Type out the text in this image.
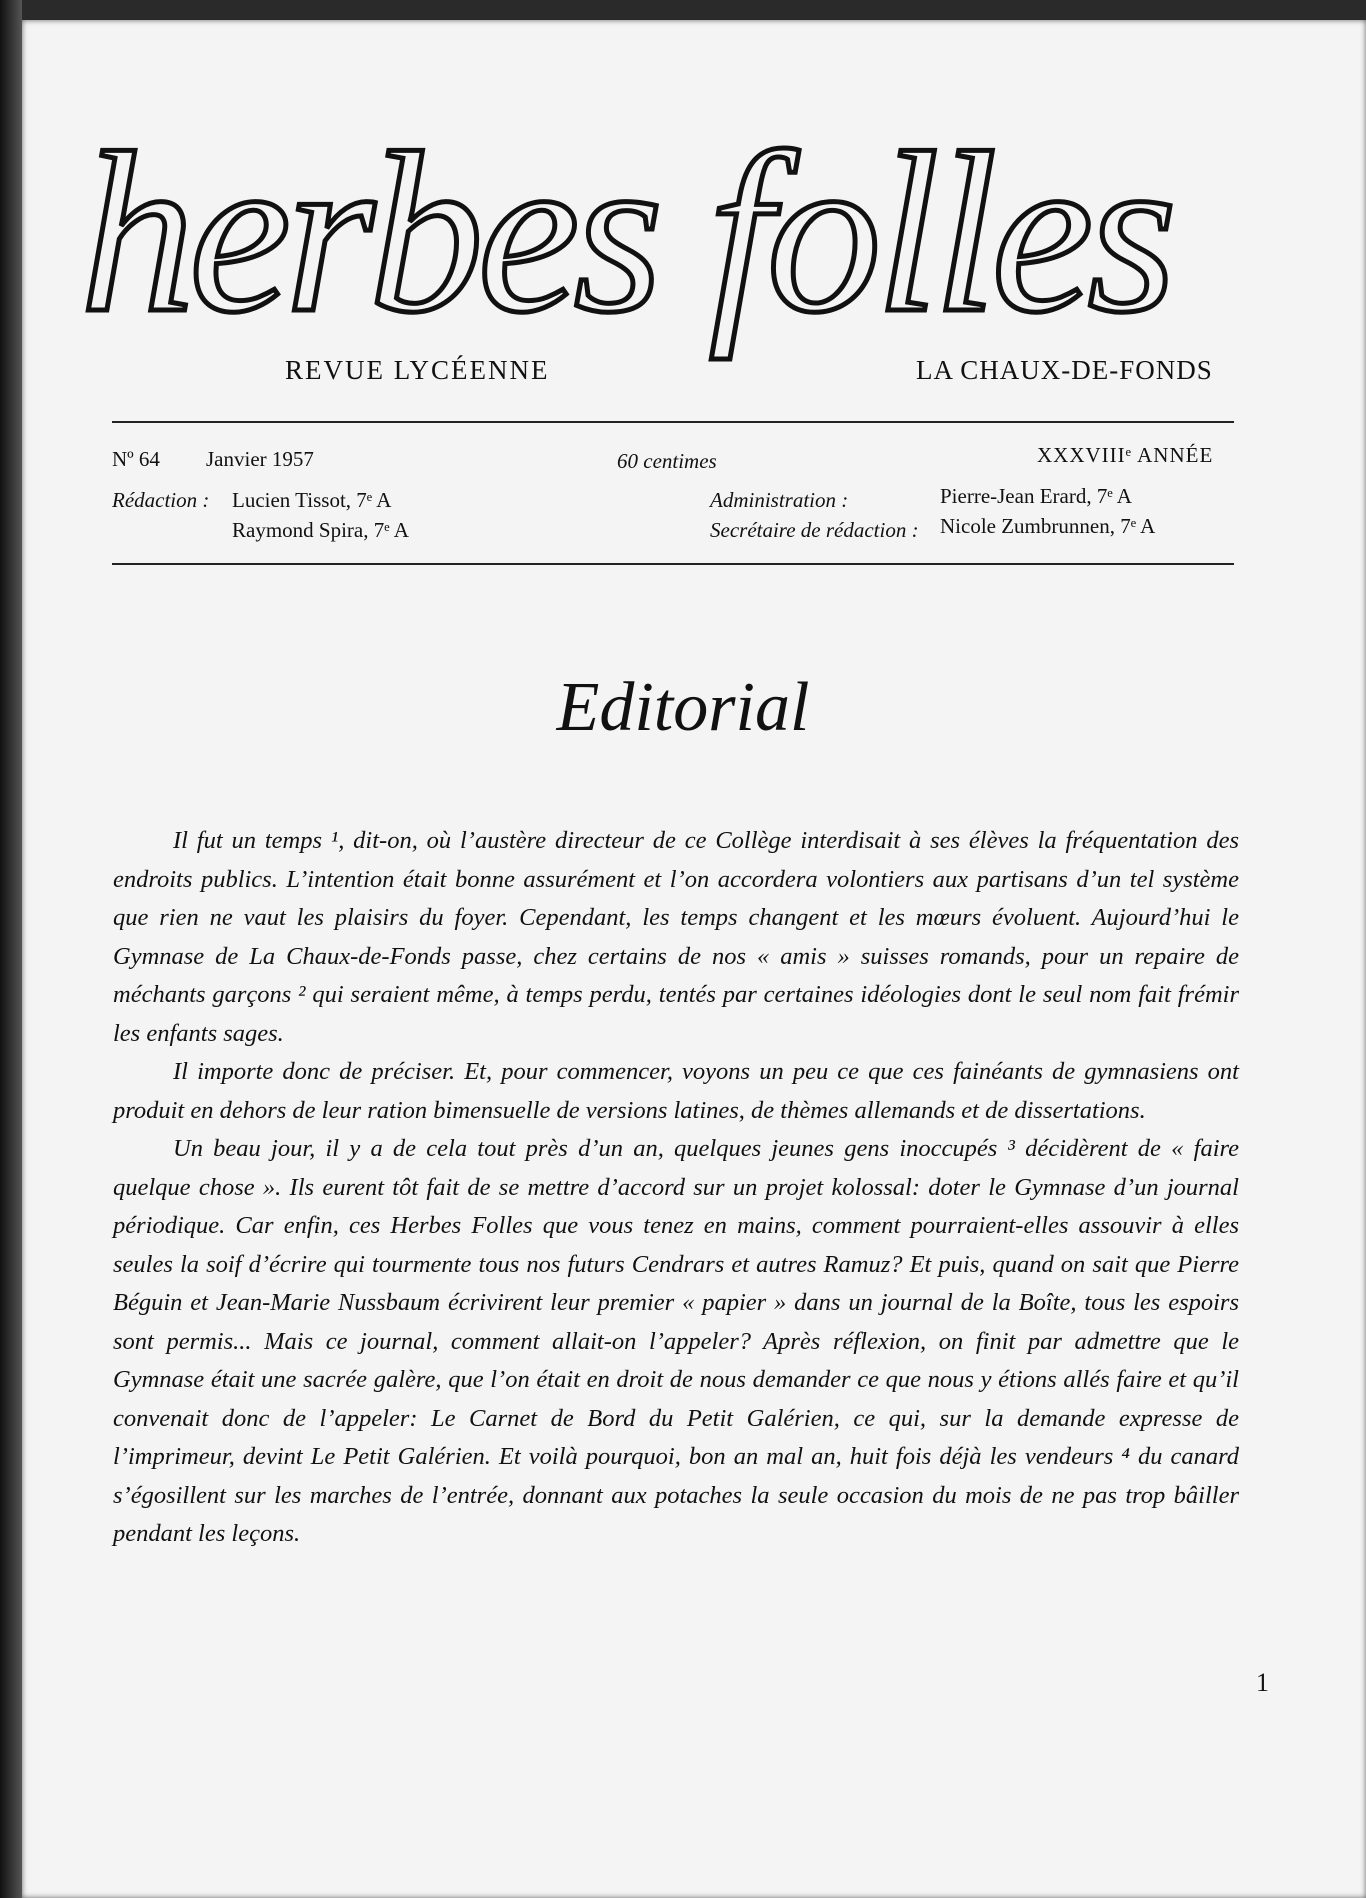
herbes folles
REVUE LYCÉENNE	LA CHAUX-DE-FONDS
Nº 64 Janvier 1957	60 centimes	XXXVIIIᵉ ANNÉE
Rédaction : Lucien Tissot, 7ᵉ A
Raymond Spira, 7ᵉ A
Administration :	Pierre-Jean Erard, 7ᵉ A
Secrétaire de rédaction : Nicole Zumbrunnen, 7ᵉ A
Editorial

Il fut un temps ¹, dit-on, où l’austère directeur de ce Collège interdisait à ses élèves la fréquentation des endroits publics. L’intention était bonne assurément et l’on accordera volontiers aux partisans d’un tel système que rien ne vaut les plaisirs du foyer. Cependant, les temps changent et les mœurs évoluent. Aujourd’hui le Gymnase de La Chaux-de-Fonds passe, chez certains de nos « amis » suisses romands, pour un repaire de méchants garçons ² qui seraient même, à temps perdu, tentés par certaines idéologies dont le seul nom fait frémir les enfants sages.

Il importe donc de préciser. Et, pour commencer, voyons un peu ce que ces fainéants de gymnasiens ont produit en dehors de leur ration bimensuelle de versions latines, de thèmes allemands et de dissertations.

Un beau jour, il y a de cela tout près d’un an, quelques jeunes gens inoccupés ³ décidèrent de « faire quelque chose ». Ils eurent tôt fait de se mettre d’accord sur un projet kolossal: doter le Gymnase d’un journal périodique. Car enfin, ces Herbes Folles que vous tenez en mains, comment pourraient-elles assouvir à elles seules la soif d’écrire qui tourmente tous nos futurs Cendrars et autres Ramuz? Et puis, quand on sait que Pierre Béguin et Jean-Marie Nussbaum écrivirent leur premier « papier » dans un journal de la Boîte, tous les espoirs sont permis... Mais ce journal, comment allait-on l’appeler? Après réflexion, on finit par admettre que le Gymnase était une sacrée galère, que l’on était en droit de nous demander ce que nous y étions allés faire et qu’il convenait donc de l’appeler: Le Carnet de Bord du Petit Galérien, ce qui, sur la demande expresse de l’imprimeur, devint Le Petit Galérien. Et voilà pourquoi, bon an mal an, huit fois déjà les vendeurs ⁴ du canard s’égosillent sur les marches de l’entrée, donnant aux potaches la seule occasion du mois de ne pas trop bâiller pendant les leçons.

1
